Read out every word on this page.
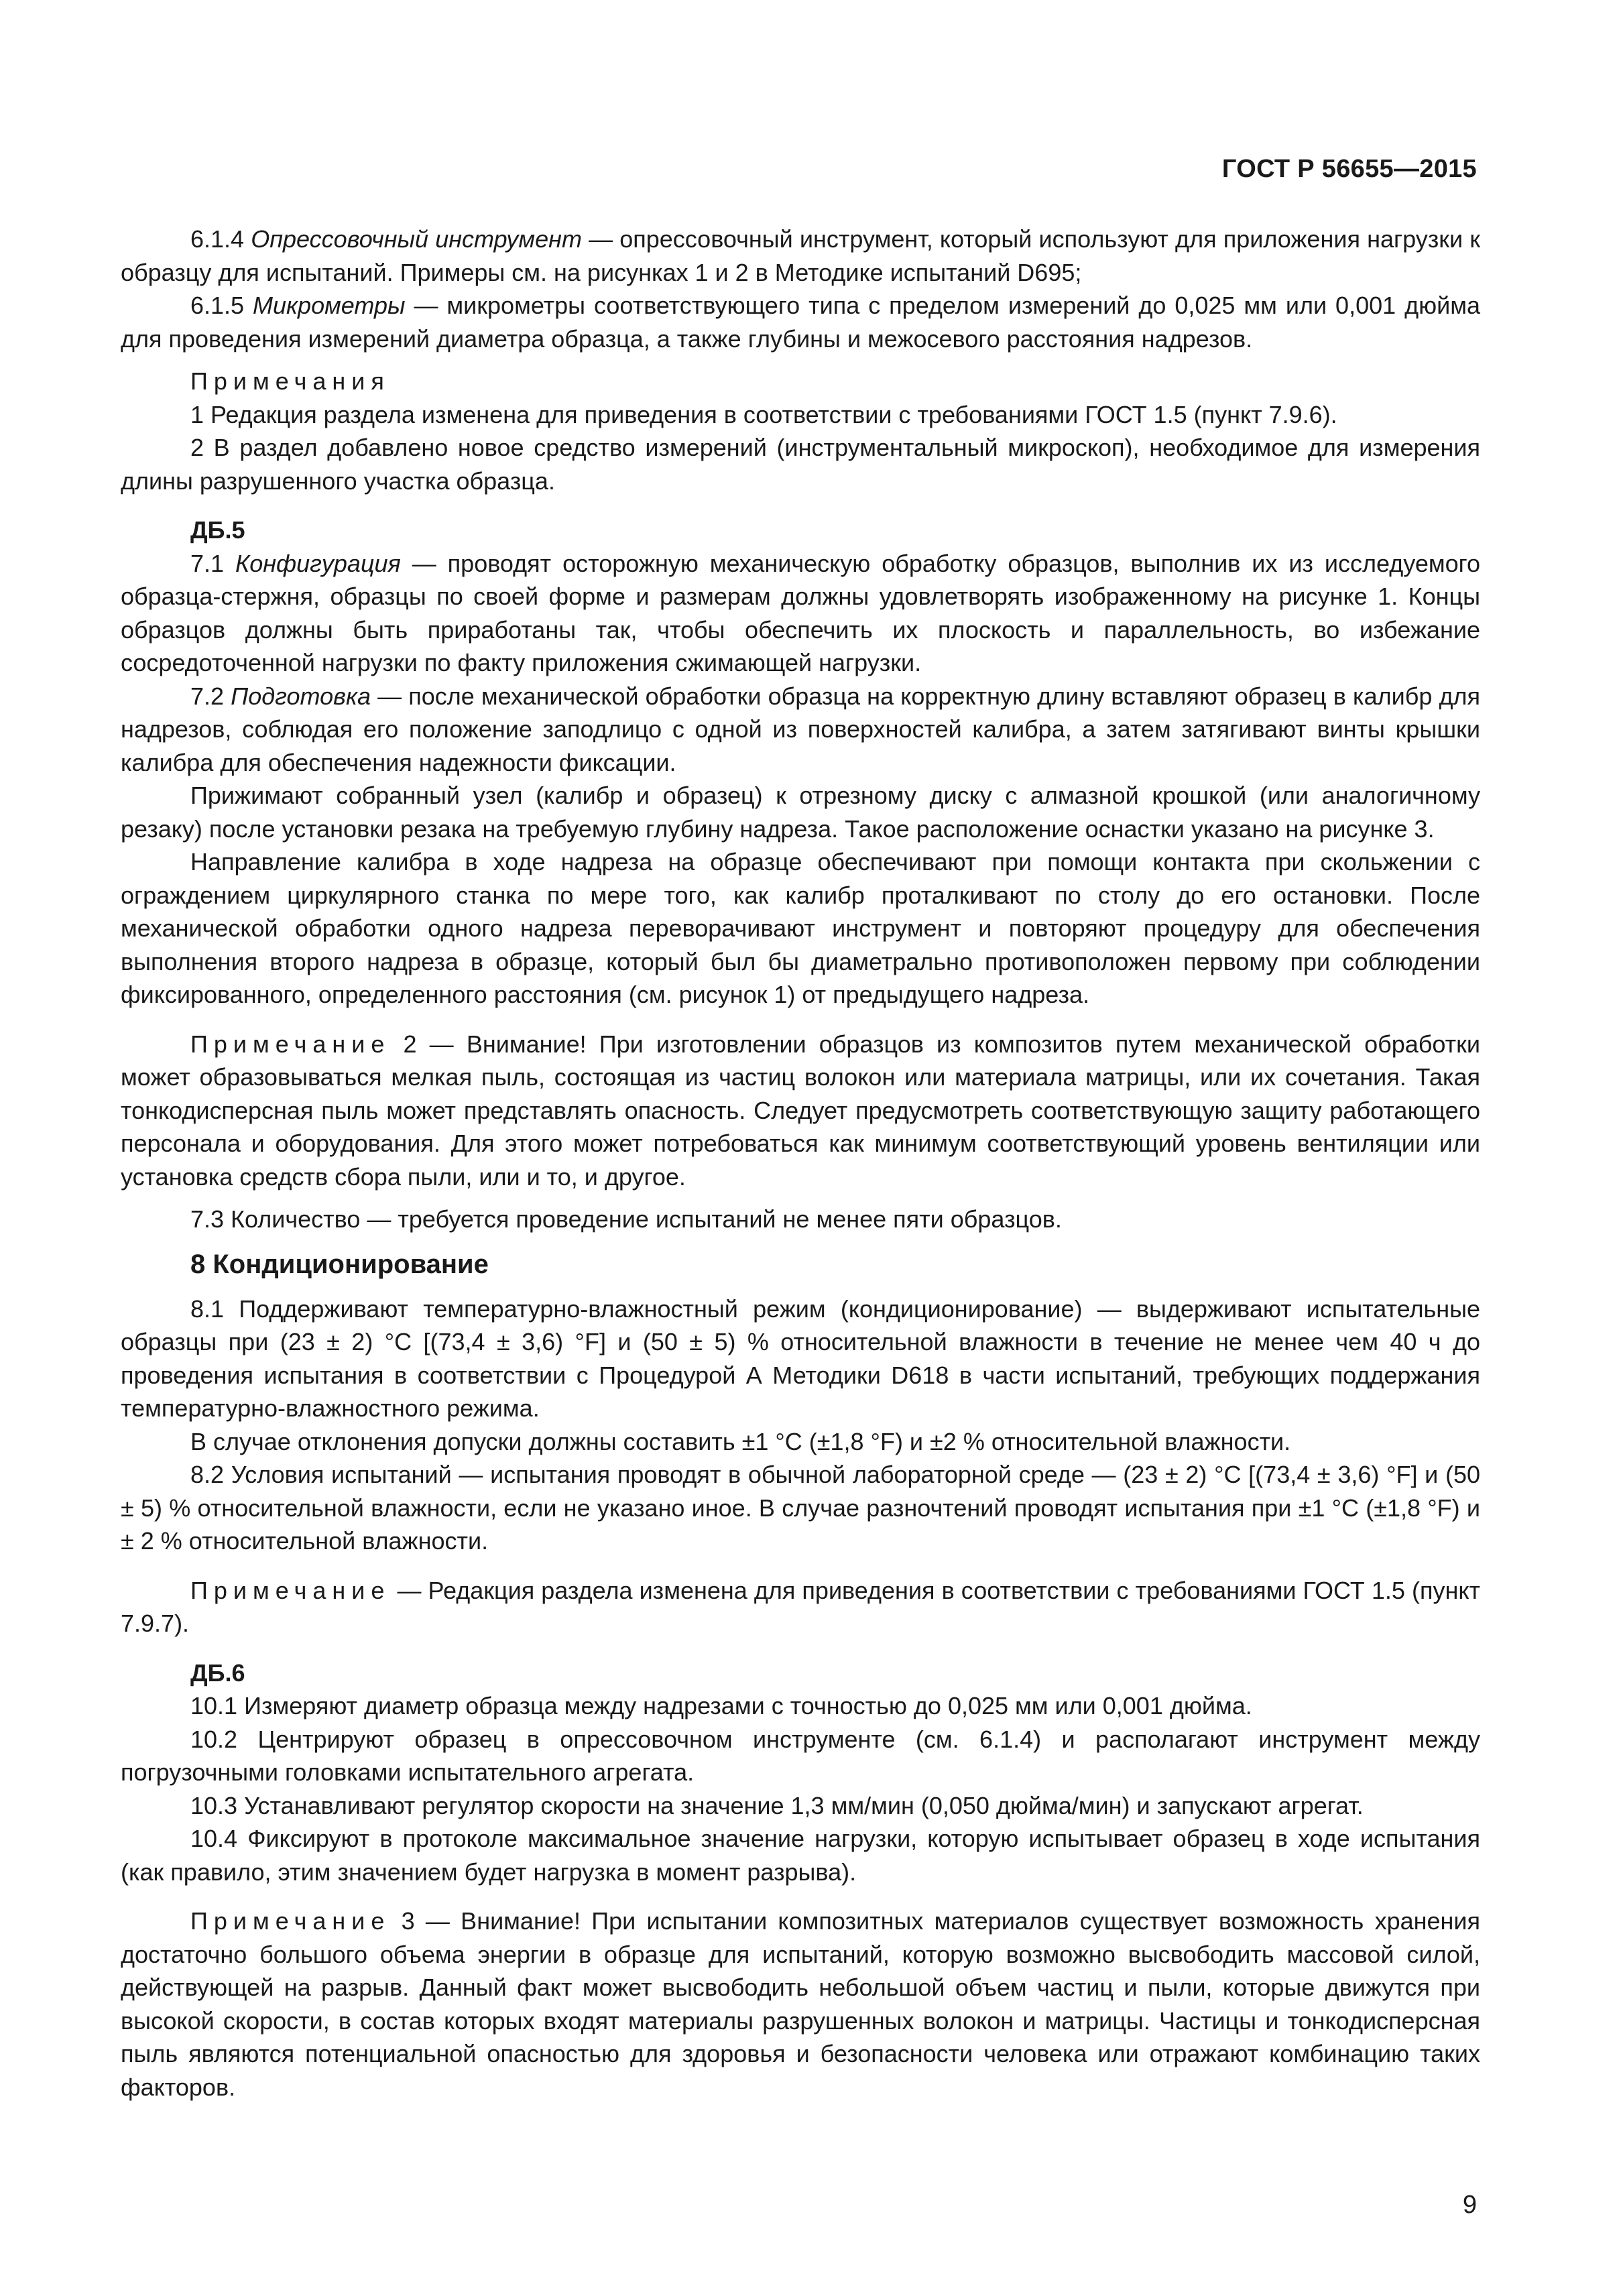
ГОСТ Р 56655—2015

6.1.4 Опрессовочный инструмент — опрессовочный инструмент, который используют для приложения нагрузки к образцу для испытаний. Примеры см. на рисунках 1 и 2 в Методике испытаний D695;

6.1.5 Микрометры — микрометры соответствующего типа с пределом измерений до 0,025 мм или 0,001 дюйма для проведения измерений диаметра образца, а также глубины и межосевого расстояния надрезов.

Примечания

1 Редакция раздела изменена для приведения в соответствии с требованиями ГОСТ 1.5 (пункт 7.9.6).

2 В раздел добавлено новое средство измерений (инструментальный микроскоп), необходимое для измерения длины разрушенного участка образца.

ДБ.5

7.1 Конфигурация — проводят осторожную механическую обработку образцов, выполнив их из исследуемого образца-стержня, образцы по своей форме и размерам должны удовлетворять изображенному на рисунке 1. Концы образцов должны быть приработаны так, чтобы обеспечить их плоскость и параллельность, во избежание сосредоточенной нагрузки по факту приложения сжимающей нагрузки.

7.2 Подготовка — после механической обработки образца на корректную длину вставляют образец в калибр для надрезов, соблюдая его положение заподлицо с одной из поверхностей калибра, а затем затягивают винты крышки калибра для обеспечения надежности фиксации.

Прижимают собранный узел (калибр и образец) к отрезному диску с алмазной крошкой (или аналогичному резаку) после установки резака на требуемую глубину надреза. Такое расположение оснастки указано на рисунке 3.

Направление калибра в ходе надреза на образце обеспечивают при помощи контакта при скольжении с ограждением циркулярного станка по мере того, как калибр проталкивают по столу до его остановки. После механической обработки одного надреза переворачивают инструмент и повторяют процедуру для обеспечения выполнения второго надреза в образце, который был бы диаметрально противоположен первому при соблюдении фиксированного, определенного расстояния (см. рисунок 1) от предыдущего надреза.

Примечание 2 — Внимание! При изготовлении образцов из композитов путем механической обработки может образовываться мелкая пыль, состоящая из частиц волокон или материала матрицы, или их сочетания. Такая тонкодисперсная пыль может представлять опасность. Следует предусмотреть соответствующую защиту работающего персонала и оборудования. Для этого может потребоваться как минимум соответствующий уровень вентиляции или установка средств сбора пыли, или и то, и другое.

7.3 Количество — требуется проведение испытаний не менее пяти образцов.

8 Кондиционирование

8.1 Поддерживают температурно-влажностный режим (кондиционирование) — выдерживают испытательные образцы при (23 ± 2) °C [(73,4 ± 3,6) °F] и (50 ± 5) % относительной влажности в течение не менее чем 40 ч до проведения испытания в соответствии с Процедурой А Методики D618 в части испытаний, требующих поддержания температурно-влажностного режима.

В случае отклонения допуски должны составить ±1 °C (±1,8 °F) и ±2 % относительной влажности.

8.2 Условия испытаний — испытания проводят в обычной лабораторной среде — (23 ± 2) °C [(73,4 ± 3,6) °F] и (50 ± 5) % относительной влажности, если не указано иное. В случае разночтений проводят испытания при ±1 °C (±1,8 °F) и ± 2 % относительной влажности.

Примечание — Редакция раздела изменена для приведения в соответствии с требованиями ГОСТ 1.5 (пункт 7.9.7).

ДБ.6

10.1 Измеряют диаметр образца между надрезами с точностью до 0,025 мм или 0,001 дюйма.

10.2 Центрируют образец в опрессовочном инструменте (см. 6.1.4) и располагают инструмент между погрузочными головками испытательного агрегата.

10.3 Устанавливают регулятор скорости на значение 1,3 мм/мин (0,050 дюйма/мин) и запускают агрегат.

10.4 Фиксируют в протоколе максимальное значение нагрузки, которую испытывает образец в ходе испытания (как правило, этим значением будет нагрузка в момент разрыва).

Примечание 3 — Внимание! При испытании композитных материалов существует возможность хранения достаточно большого объема энергии в образце для испытаний, которую возможно высвободить массовой силой, действующей на разрыв. Данный факт может высвободить небольшой объем частиц и пыли, которые движутся при высокой скорости, в состав которых входят материалы разрушенных волокон и матрицы. Частицы и тонкодисперсная пыль являются потенциальной опасностью для здоровья и безопасности человека или отражают комбинацию таких факторов.

9
